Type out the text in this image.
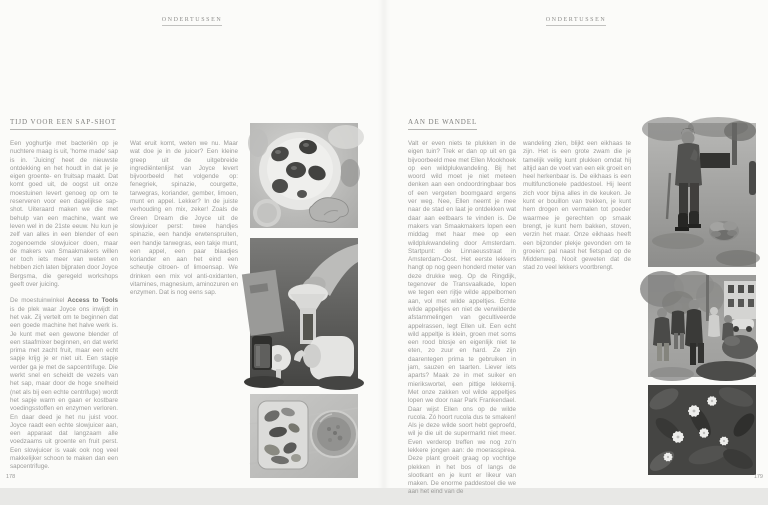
ONDERTUSSEN	ONDERTUSSEN
TIJD VOOR EEN SAP-SHOT	AAN DE WANDEL

Een yoghurtje met bacteriën op je nuchtere maag is uit, 'home made' sap is in. 'Juicing' heet de nieuwste ontdekking en het houdt in dat je je eigen groente- en fruitsap maakt. Dat komt goed uit, de oogst uit onze moestuinen levert genoeg op om te reserveren voor een dagelijkse sap-shot. Uiteraard maken we die met behulp van een machine, want we leven wel in de 21ste eeuw. Nu kun je zelf van alles in een blender of een zogenoemde slowjuicer doen, maar de makers van Smaakmakers willen er toch iets meer van weten en hebben zich laten bijpraten door Joyce Bergsma, die geregeld workshops geeft over juicing.

De moestuinwinkel Access to Tools is de plek waar Joyce ons inwijdt in het vak. Zij vertelt om te beginnen dat een goede machine het halve werk is. Je kunt met een gewone blender of een staafmixer beginnen, en dat werkt prima met zacht fruit, maar een echt sapje krijg je er niet uit. Een stapje verder ga je met de sapcentrifuge. Die werkt snel en scheidt de vezels van het sap, maar door de hoge snelheid (net als bij een echte centrifuge) wordt het sapje warm en gaan er kostbare voedingsstoffen en enzymen verloren. En daar deed je het nu juist voor. Joyce raadt een echte slowjuicer aan, een apparaat dat langzaam alle voedzaams uit groente en fruit perst. Een slowjuicer is vaak ook nog veel makkelijker schoon te maken dan een sapcentrifuge.

Wat eruit komt, weten we nu. Maar wat doe je in de juicer? Een kleine greep uit de uitgebreide ingrediëntenlijst van Joyce levert bijvoorbeeld het volgende op: fenegriek, spinazie, courgette, tarwegras, koriander, gember, limoen, munt en appel. Lekker? In de juiste verhouding en mix, zeker! Zoals de Green Dream die Joyce uit de slowjuicer perst: twee handjes spinazie, een handje erwtenspruiten, een handje tarwegras, een takje munt, een appel, een paar blaadjes koriander en aan het eind een scheutje citroen- of limoensap. We drinken een mix vol anti-oxidanten, vitamines, magnesium, aminozuren en enzymen. Dat is nog eens sap.

Valt er even niets te plukken in de eigen tuin? Trek er dan op uit en ga bijvoorbeeld mee met Ellen Mookhoek op een wildplukwandeling. Bij het woord wild moet je niet meteen denken aan een ondoordringbaar bos of een vergeten boomgaard ergens ver weg. Nee, Ellen neemt je mee naar de stad en laat je ontdekken wat daar aan eetbaars te vinden is. De makers van Smaakmakers lopen een middag met haar mee op een wildplukwandeling door Amsterdam. Startpunt: de Linnaeusstraat in Amsterdam-Oost. Het eerste lekkers hangt op nog geen honderd meter van deze drukke weg. Op de Ringdijk, tegenover de Transvaalkade, lopen we tegen een rijtje wilde appelbomen aan, vol met wilde appeltjes. Echte wilde appeltjes en niet de verwilderde afstammelingen van gecultiveerde appelrassen, legt Ellen uit. Een echt wild appeltje is klein, groen met soms een rood blosje en eigenlijk niet te eten, zo zuur en hard. Ze zijn daarentegen prima te gebruiken in jam, sauzen en taarten. Liever iets aparts? Maak ze in met suiker en mierikswortel, een pittige lekkernij. Met onze zakken vol wilde appeltjes lopen we door naar Park Frankendael. Daar wijst Ellen ons op de wilde rucola. Zó hoort rucola dus te smaken! Als je deze wilde soort hebt geproefd, wil je die uit de supermarkt niet meer. Even verderop treffen we nog zo'n lekkere jongen aan: de moerasspirea. Deze plant groeit graag op vochtige plekken in het bos of langs de slootkant en je kunt er likeur van maken. De enorme paddestoel die we aan het eind van de

wandeling zien, blijkt een eikhaas te zijn. Het is een grote zwam die je tamelijk veilig kunt plukken omdat hij altijd aan de voet van een eik groeit en heel herkenbaar is. De eikhaas is een multifunctionele paddestoel. Hij leent zich voor bijna alles in de keuken. Je kunt er bouillon van trekken, je kunt hem drogen en vermalen tot poeder waarmee je gerechten op smaak brengt, je kunt hem bakken, stoven, verzin het maar. Onze eikhaas heeft een bijzonder plekje gevonden om te groeien: pal naast het fietspad op de Middenweg. Nooit geweten dat de stad zo veel lekkers voortbrengt.

178	179
